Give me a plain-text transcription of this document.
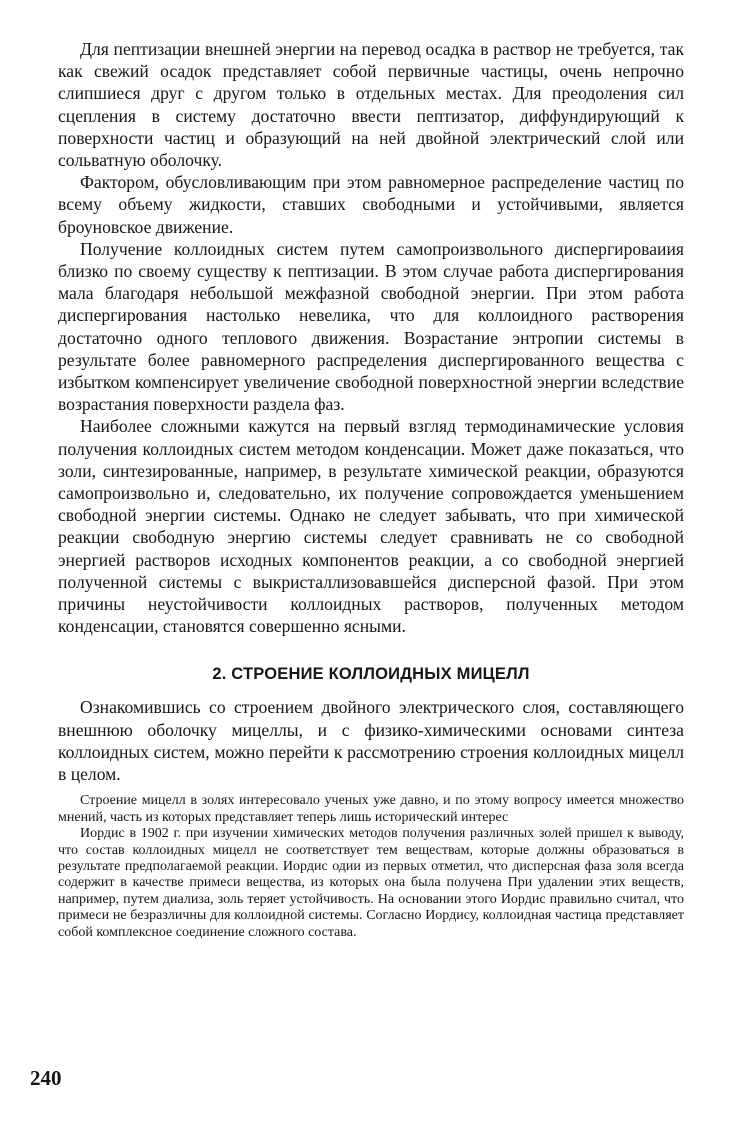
Для пептизации внешней энергии на перевод осадка в раствор не требуется, так как свежий осадок представляет собой первичные частицы, очень непрочно слипшиеся друг с другом только в отдельных местах. Для преодоления сил сцепления в систему достаточно ввести пептизатор, диффундирующий к поверхности частиц и образующий на ней двойной электрический слой или сольватную оболочку.

Фактором, обусловливающим при этом равномерное распределение частиц по всему объему жидкости, ставших свободными и устойчивыми, является броуновское движение.

Получение коллоидных систем путем самопроизвольного диспергироваиия близко по своему существу к пептизации. В этом случае работа диспергирования мала благодаря небольшой межфазной свободной энергии. При этом работа диспергирования настолько невелика, что для коллоидного растворения достаточно одного теплового движения. Возрастание энтропии системы в результате более равномерного распределения диспергированного вещества с избытком компенсирует увеличение свободной поверхностной энергии вследствие возрастания поверхности раздела фаз.

Наиболее сложными кажутся на первый взгляд термодинамические условия получения коллоидных систем методом конденсации. Может даже показаться, что золи, синтезированные, например, в результате химической реакции, образуются самопроизвольно и, следовательно, их получение сопровождается уменьшением свободной энергии системы. Однако не следует забывать, что при химической реакции свободную энергию системы следует сравнивать не со свободной энергией растворов исходных компонентов реакции, а со свободной энергией полученной системы с выкристаллизовавшейся дисперсной фазой. При этом причины неустойчивости коллоидных растворов, полученных методом конденсации, становятся совершенно ясными.

2. СТРОЕНИЕ КОЛЛОИДНЫХ МИЦЕЛЛ

Ознакомившись со строением двойного электрического слоя, составляющего внешнюю оболочку мицеллы, и с физико-химическими основами синтеза коллоидных систем, можно перейти к рассмотрению строения коллоидных мицелл в целом.

Строение мицелл в золях интересовало ученых уже давно, и по этому вопросу имеется множество мнений, часть из которых представляет теперь лишь исторический интерес

Иордис в 1902 г. при изучении химических методов получения различных золей пришел к выводу, что состав коллоидных мицелл не соответствует тем веществам, которые должны образоваться в результате предполагаемой реакции. Иордис одии из первых отметил, что дисперсная фаза золя всегда содержит в качестве примеси вещества, из которых она была получена При удалении этих веществ, например, путем диализа, золь теряет устойчивость. На основании этого Иордис правильно считал, что примеси не безразличны для коллоидной системы. Согласно Иордису, коллоидная частица представляет собой комплексное соединение сложного состава.

240
